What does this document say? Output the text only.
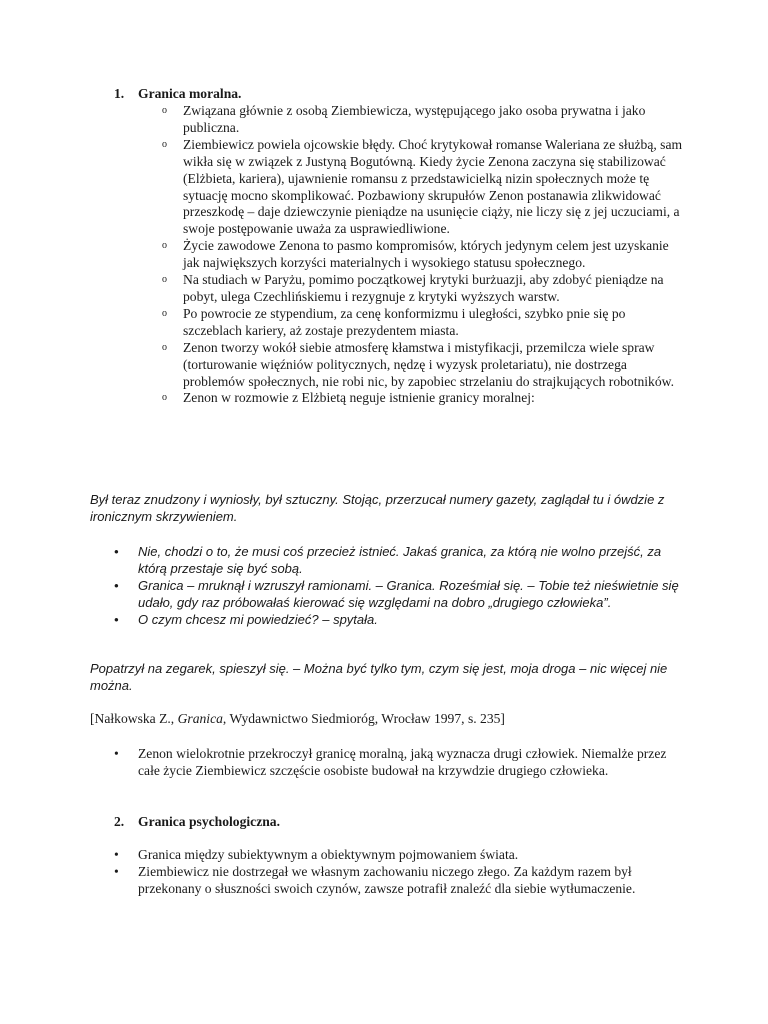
1.	Granica moralna.
o Związana głównie z osobą Ziembiewicza, występującego jako osoba prywatna i jako publiczna.
o Ziembiewicz powiela ojcowskie błędy. Choć krytykował romanse Waleriana ze służbą, sam wikła się w związek z Justyną Bogutówną. Kiedy życie Zenona zaczyna się stabilizować (Elżbieta, kariera), ujawnienie romansu z przedstawicielką nizin społecznych może tę sytuację mocno skomplikować. Pozbawiony skrupułów Zenon postanawia zlikwidować przeszkodę – daje dziewczynie pieniądze na usunięcie ciąży, nie liczy się z jej uczuciami, a swoje postępowanie uważa za usprawiedliwione.
o Życie zawodowe Zenona to pasmo kompromisów, których jedynym celem jest uzyskanie jak największych korzyści materialnych i wysokiego statusu społecznego.
o Na studiach w Paryżu, pomimo początkowej krytyki burżuazji, aby zdobyć pieniądze na pobyt, ulega Czechlińskiemu i rezygnuje z krytyki wyższych warstw.
o Po powrocie ze stypendium, za cenę konformizmu i uległości, szybko pnie się po szczeblach kariery, aż zostaje prezydentem miasta.
o Zenon tworzy wokół siebie atmosferę kłamstwa i mistyfikacji, przemilcza wiele spraw (torturowanie więźniów politycznych, nędzę i wyzysk proletariatu), nie dostrzega problemów społecznych, nie robi nic, by zapobiec strzelaniu do strajkujących robotników.
o Zenon w rozmowie z Elżbietą neguje istnienie granicy moralnej:

Był teraz znudzony i wyniosły, był sztuczny. Stojąc, przerzucał numery gazety, zaglądał tu i ówdzie z ironicznym skrzywieniem.

• Nie, chodzi o to, że musi coś przecież istnieć. Jakaś granica, za którą nie wolno przejść, za którą przestaje się być sobą.
• Granica – mruknął i wzruszył ramionami. – Granica. Roześmiał się. – Tobie też nieświetnie się udało, gdy raz próbowałaś kierować się względami na dobro „drugiego człowieka”.
• O czym chcesz mi powiedzieć? – spytała.

Popatrzył na zegarek, spieszył się. – Można być tylko tym, czym się jest, moja droga – nic więcej nie można.

[Nałkowska Z., Granica, Wydawnictwo Siedmioróg, Wrocław 1997, s. 235]

• Zenon wielokrotnie przekroczył granicę moralną, jaką wyznacza drugi człowiek. Niemalże przez całe życie Ziembiewicz szczęście osobiste budował na krzywdzie drugiego człowieka.
2.	Granica psychologiczna.
• Granica między subiektywnym a obiektywnym pojmowaniem świata.
• Ziembiewicz nie dostrzegał we własnym zachowaniu niczego złego. Za każdym razem był przekonany o słuszności swoich czynów, zawsze potrafił znaleźć dla siebie wytłumaczenie.
